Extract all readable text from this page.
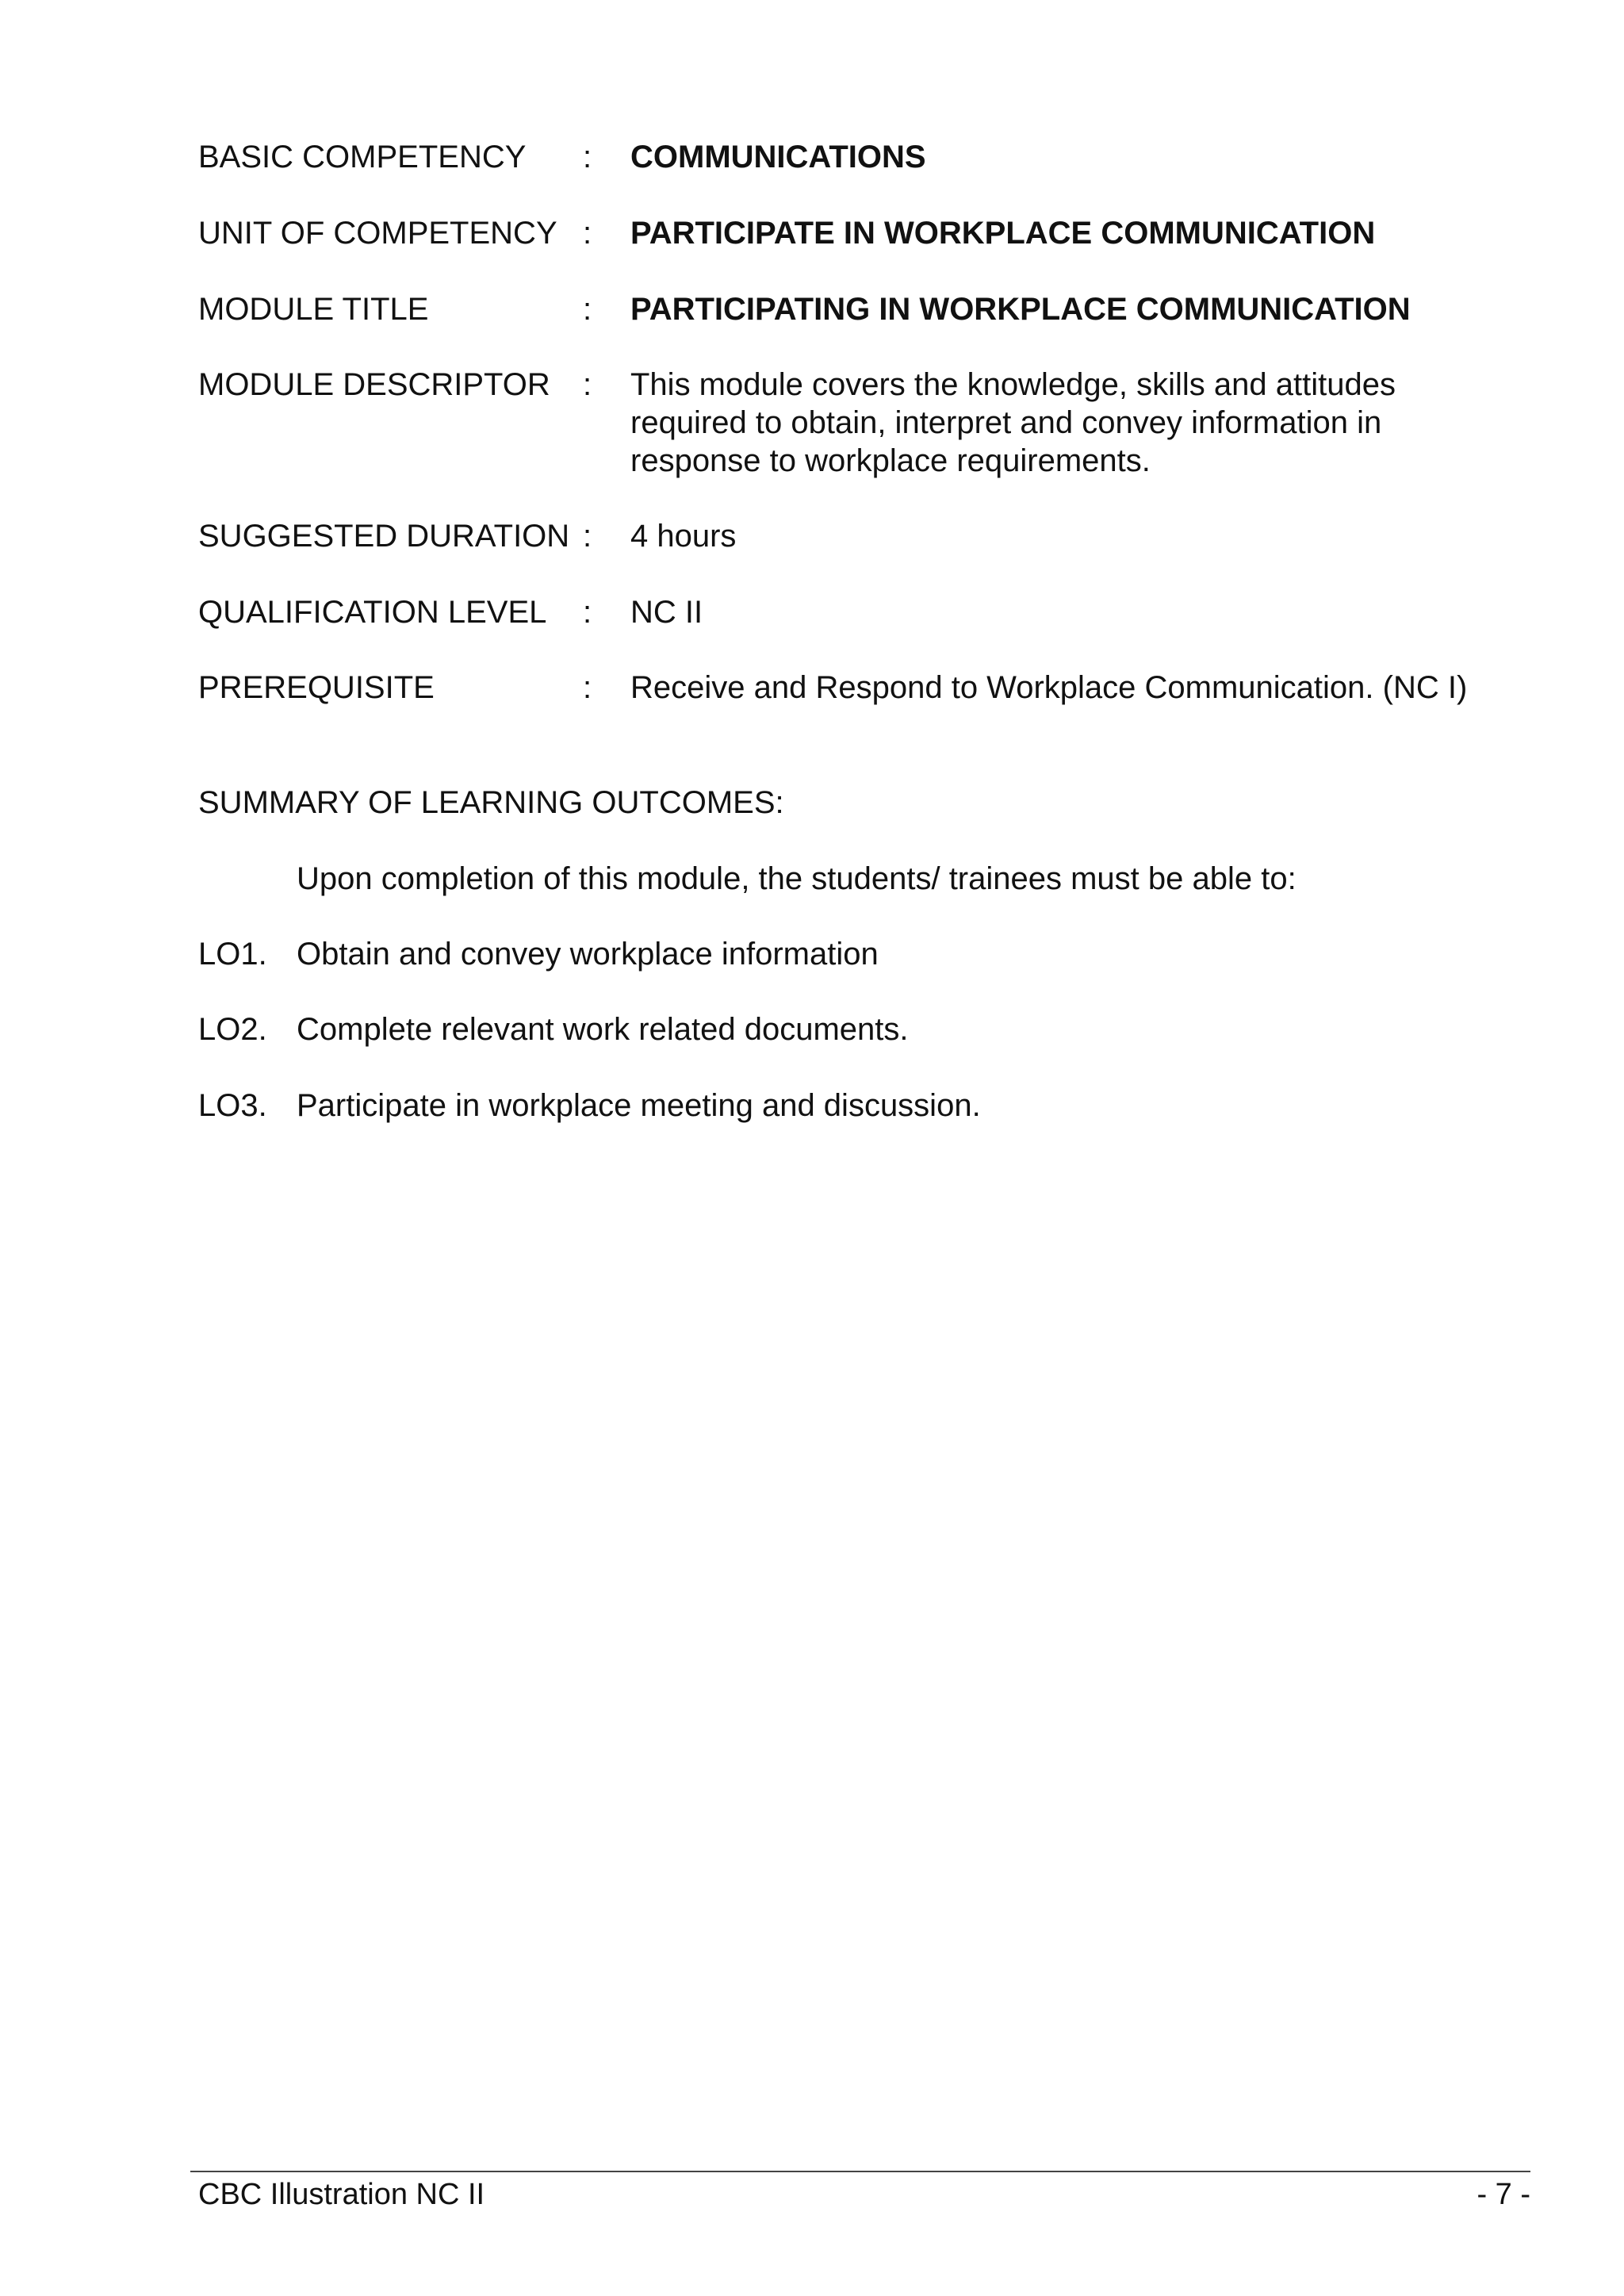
BASIC COMPETENCY	:	COMMUNICATIONS
UNIT OF COMPETENCY :	PARTICIPATE IN WORKPLACE COMMUNICATION
MODULE TITLE	:	PARTICIPATING IN WORKPLACE COMMUNICATION
MODULE DESCRIPTOR	:	This module covers the knowledge, skills and attitudes
required to obtain, interpret and convey information in
response to workplace requirements.
SUGGESTED DURATION :	4 hours
QUALIFICATION LEVEL	:	NC II
PREREQUISITE	:	Receive and Respond to Workplace Communication. (NC I)
SUMMARY OF LEARNING OUTCOMES:

Upon completion of this module, the students/ trainees must be able to:

LO1. Obtain and convey workplace information
LO2. Complete relevant work related documents.
LO3. Participate in workplace meeting and discussion.
CBC Illustration NC II	- 7 -
